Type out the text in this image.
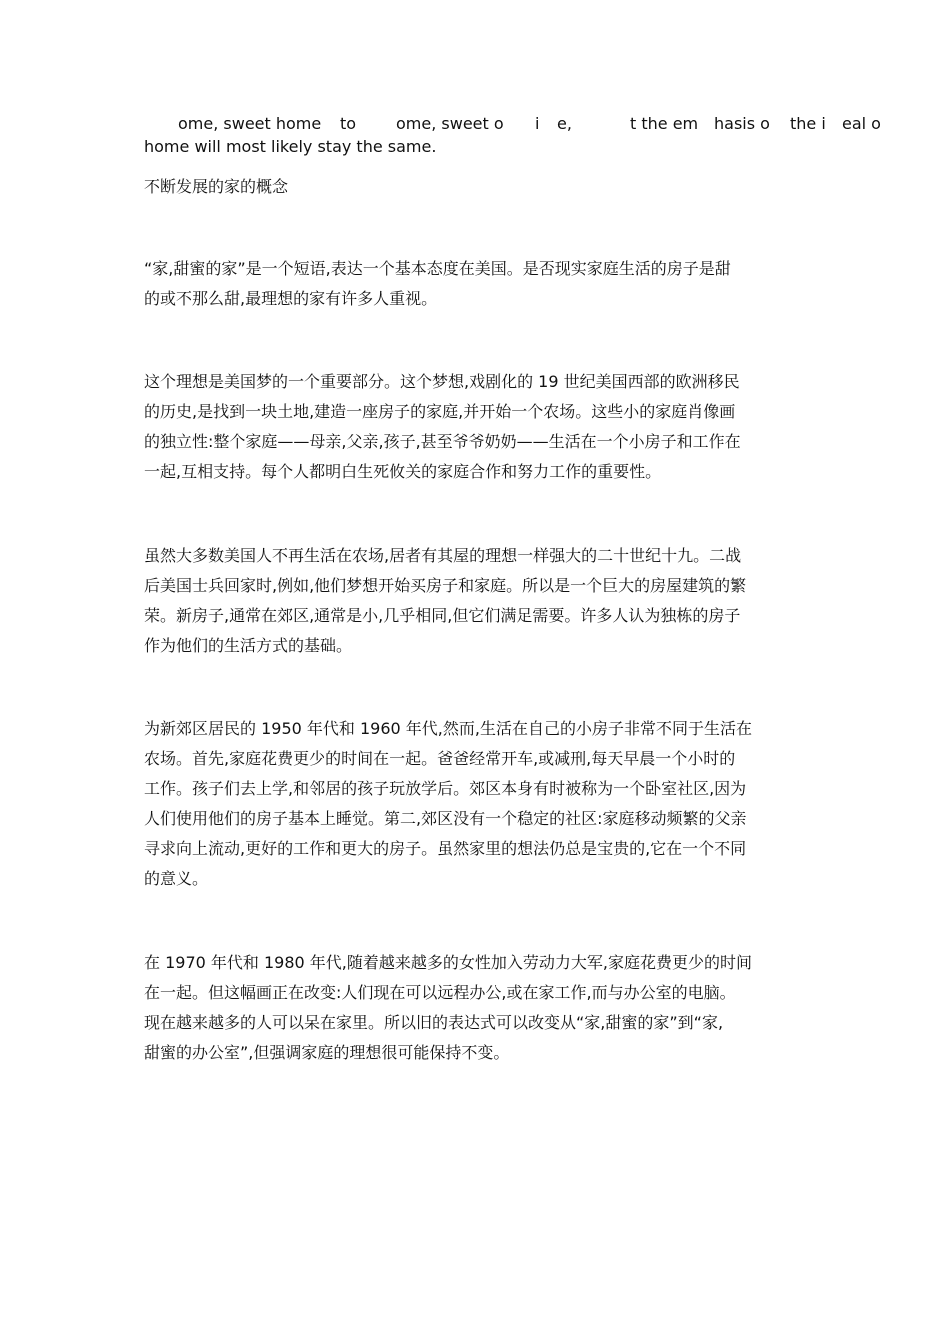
ome, sweet home to ome, sweet o i e,	t the em hasis o the i eal o
home will most likely stay the same.
不断发展的家的概念
“家,甜蜜的家”是一个短语,表达一个基本态度在美国。是否现实家庭生活的房子是甜
的或不那么甜,最理想的家有许多人重视。
这个理想是美国梦的一个重要部分。这个梦想,戏剧化的 19 世纪美国西部的欧洲移民
的历史,是找到一块土地,建造一座房子的家庭,并开始一个农场。这些小的家庭肖像画
的独立性:整个家庭——母亲,父亲,孩子,甚至爷爷奶奶——生活在一个小房子和工作在
一起,互相支持。每个人都明白生死攸关的家庭合作和努力工作的重要性。
虽然大多数美国人不再生活在农场,居者有其屋的理想一样强大的二十世纪十九。二战
后美国士兵回家时,例如,他们梦想开始买房子和家庭。所以是一个巨大的房屋建筑的繁
荣。新房子,通常在郊区,通常是小,几乎相同,但它们满足需要。许多人认为独栋的房子
作为他们的生活方式的基础。
为新郊区居民的 1950 年代和 1960 年代,然而,生活在自己的小房子非常不同于生活在
农场。首先,家庭花费更少的时间在一起。爸爸经常开车,或减刑,每天早晨一个小时的
工作。孩子们去上学,和邻居的孩子玩放学后。郊区本身有时被称为一个卧室社区,因为
人们使用他们的房子基本上睡觉。第二,郊区没有一个稳定的社区:家庭移动频繁的父亲
寻求向上流动,更好的工作和更大的房子。虽然家里的想法仍总是宝贵的,它在一个不同
的意义。
在 1970 年代和 1980 年代,随着越来越多的女性加入劳动力大军,家庭花费更少的时间
在一起。但这幅画正在改变:人们现在可以远程办公,或在家工作,而与办公室的电脑。
现在越来越多的人可以呆在家里。所以旧的表达式可以改变从“家,甜蜜的家”到“家,
甜蜜的办公室”,但强调家庭的理想很可能保持不变。
